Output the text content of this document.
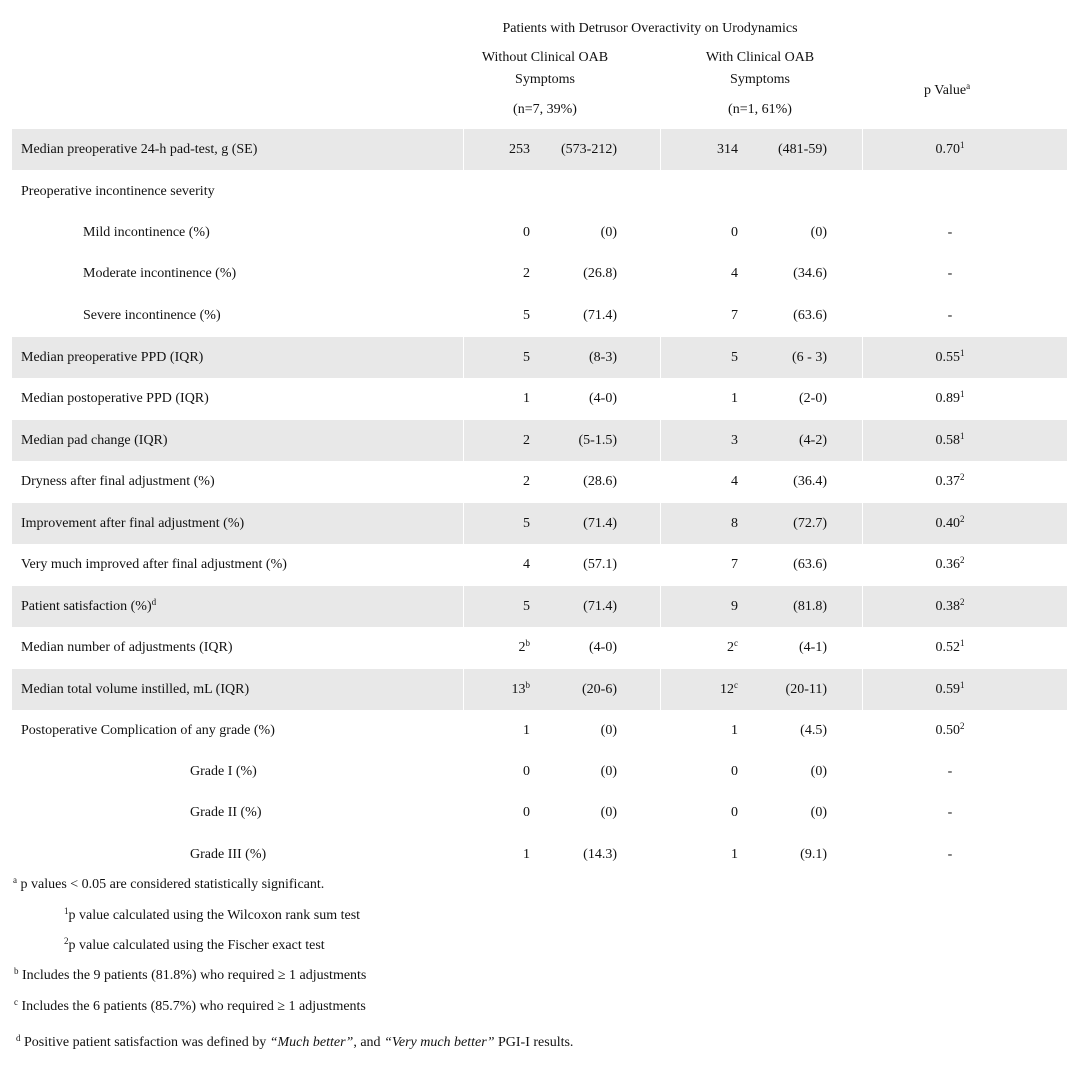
Patients with Detrusor Overactivity on Urodynamics
Without Clinical OAB
Symptoms
(n=7, 39%)
With Clinical OAB
Symptoms
(n=1, 61%)
p Value$^a$
Median preoperative 24-h pad-test, g (SE)	253	(573-212)	314	(481-59)	0.70$^1$
Preoperative incontinence severity
Mild incontinence (%)	0	(0)	0	(0)	-
Moderate incontinence (%)	2	(26.8)	4	(34.6)	-
Severe incontinence (%)	5	(71.4)	7	(63.6)	-
Median preoperative PPD (IQR)	5	(8-3)	5	(6 - 3)	0.55$^1$
Median postoperative PPD (IQR)	1	(4-0)	1	(2-0)	0.89$^1$
Median pad change (IQR)	2	(5-1.5)	3	(4-2)	0.58$^1$
Dryness after final adjustment (%)	2	(28.6)	4	(36.4)	0.37$^2$
Improvement after final adjustment (%)	5	(71.4)	8	(72.7)	0.40$^2$
Very much improved after final adjustment (%)	4	(57.1)	7	(63.6)	0.36$^2$
Patient satisfaction (%)$^d$	5	(71.4)	9	(81.8)	0.38$^2$
Median number of adjustments (IQR)	2$^b$	(4-0)	2$^c$	(4-1)	0.52$^1$
Median total volume instilled, mL (IQR)	13$^b$	(20-6)	12$^c$	(20-11)	0.59$^1$
Postoperative Complication of any grade (%)	1	(0)	1	(4.5)	0.50$^2$
Grade I (%)	0	(0)	0	(0)	-
Grade II (%)	0	(0)	0	(0)	-
Grade III (%)	1	(14.3)	1	(9.1)	-
$^a$ p values < 0.05 are considered statistically significant.
$^1$p value calculated using the Wilcoxon rank sum test
$^2$p value calculated using the Fischer exact test
$^b$ Includes the 9 patients (81.8%) who required ≥ 1 adjustments
$^c$ Includes the 6 patients (85.7%) who required ≥ 1 adjustments
$^d$ Positive patient satisfaction was defined by “Much better”, and “Very much better” PGI-I results.
